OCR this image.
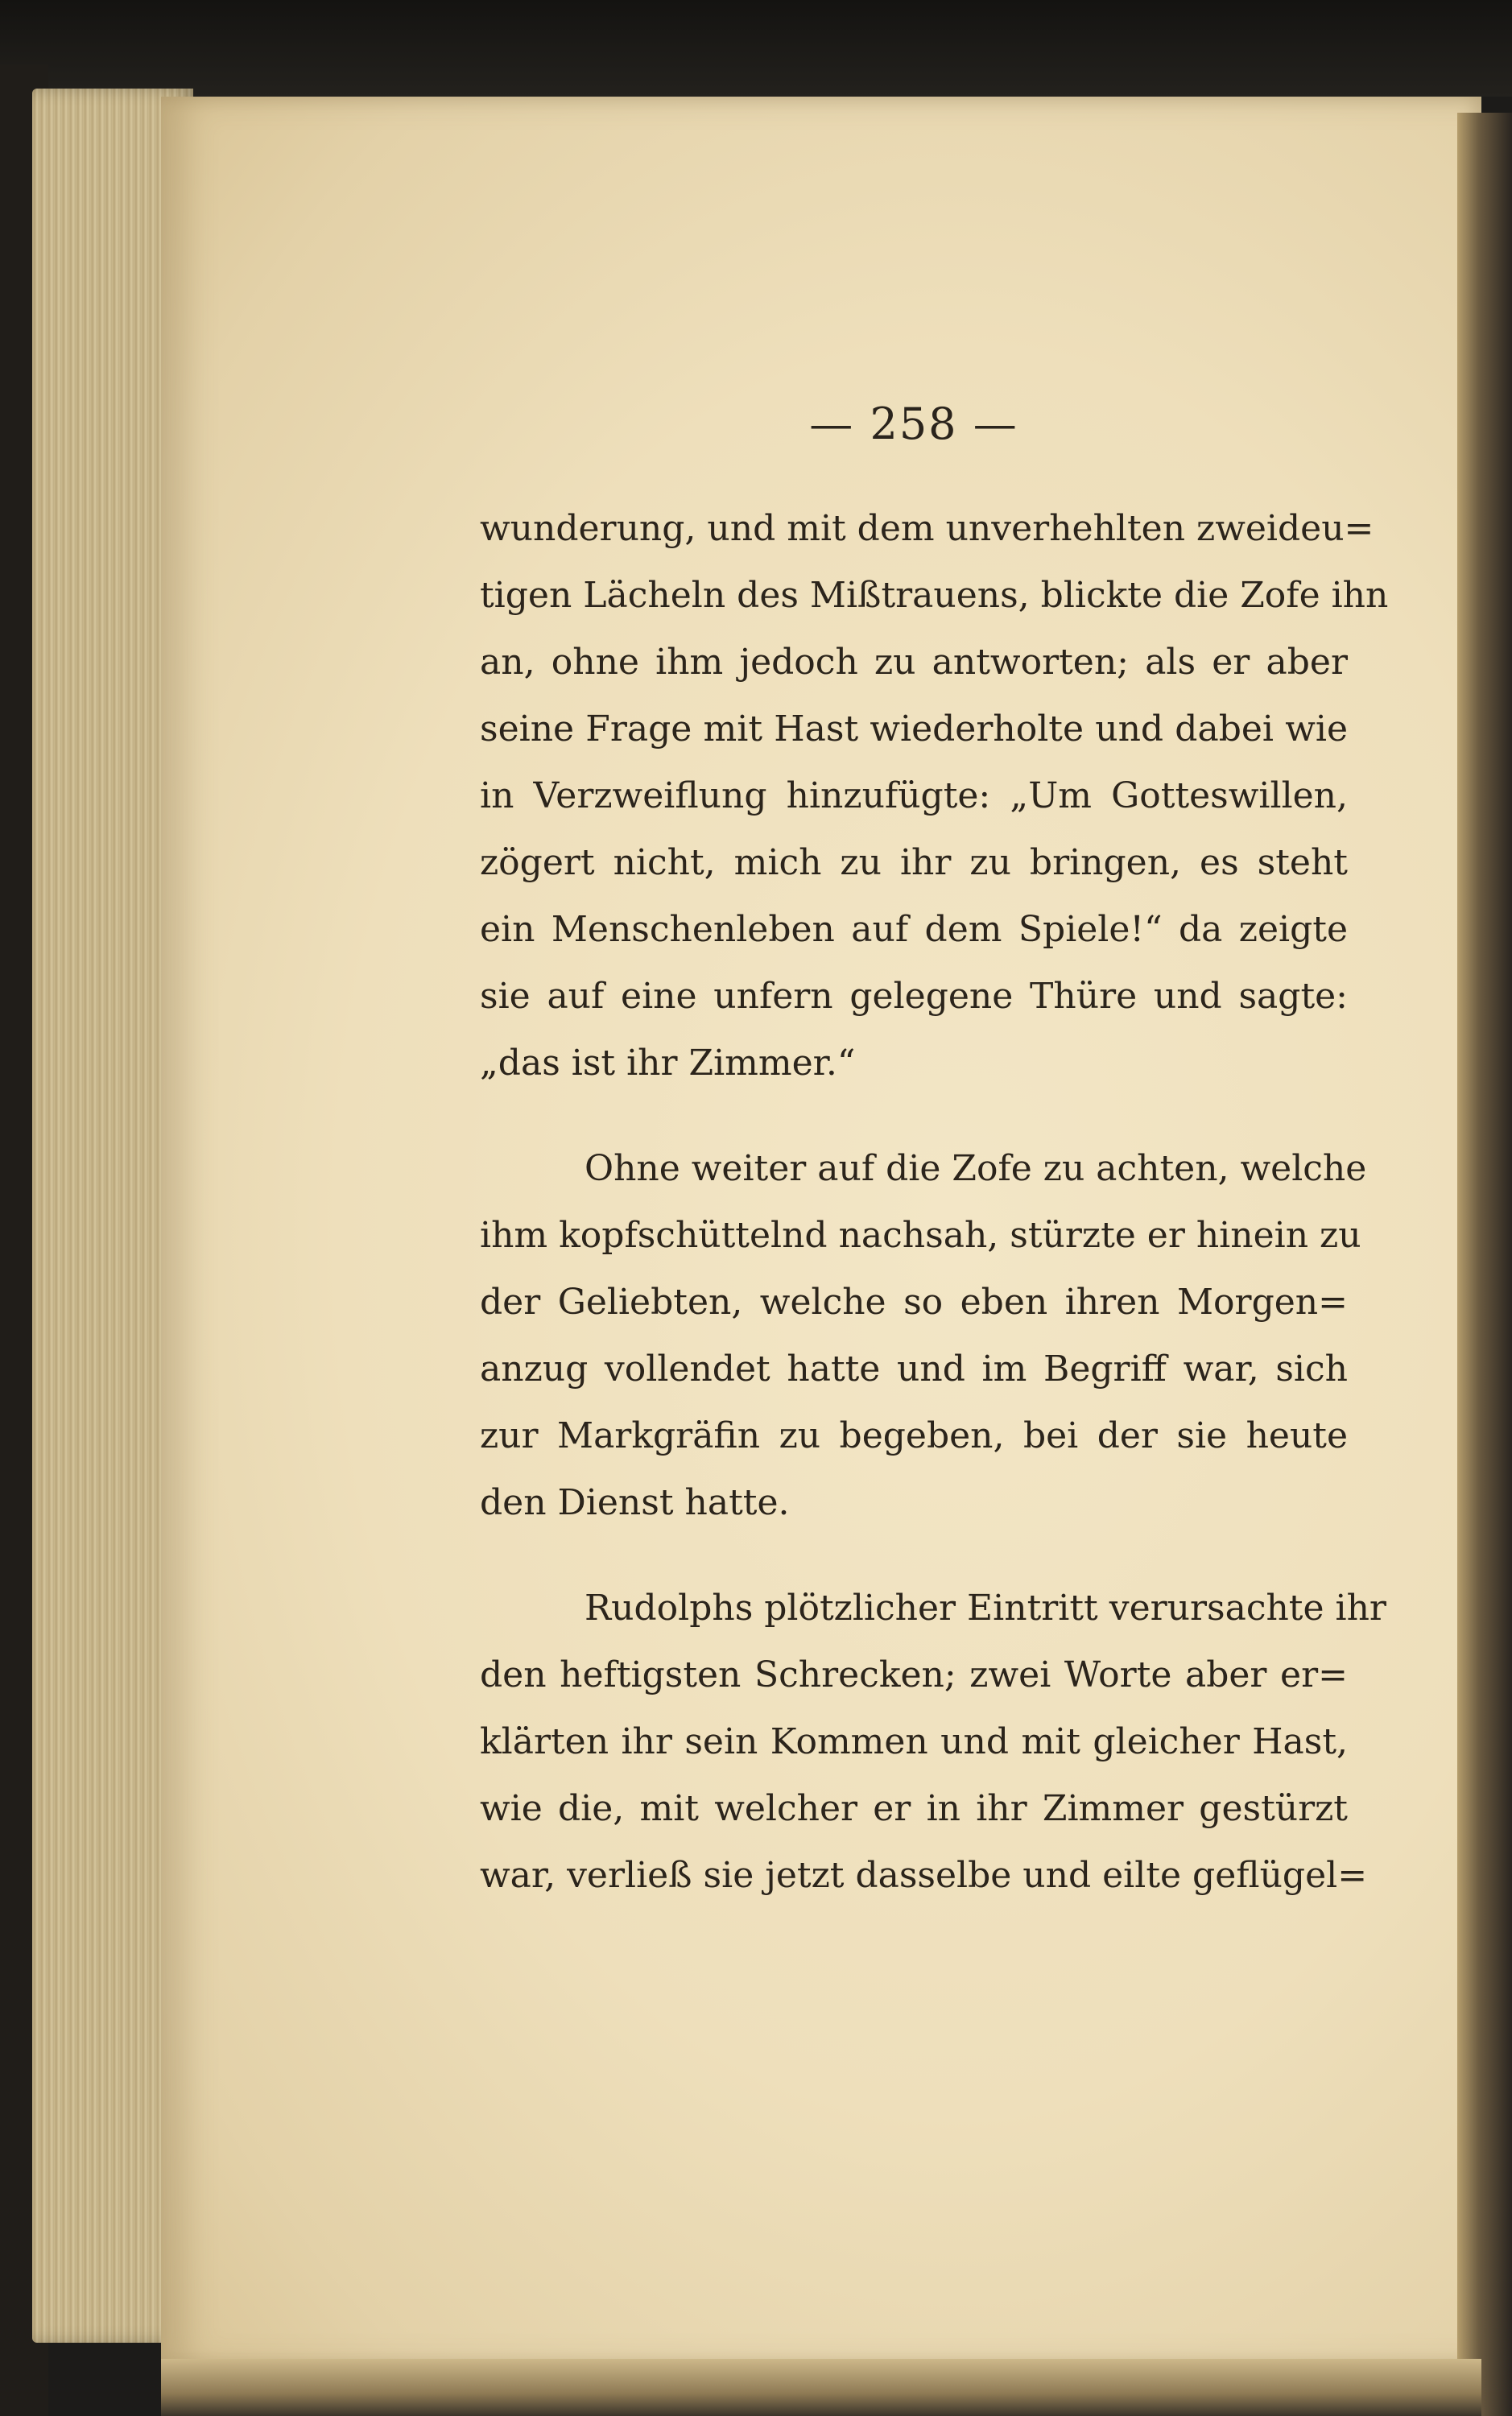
— 258 —
wunderung, und mit dem unverhehlten zweideu=
tigen Lächeln des Mißtrauens, blickte die Zofe ihn
an, ohne ihm jedoch zu antworten; als er aber
seine Frage mit Hast wiederholte und dabei wie
in Verzweiflung hinzufügte: „Um Gotteswillen,
zögert nicht, mich zu ihr zu bringen, es steht
ein Menschenleben auf dem Spiele!“ da zeigte
sie auf eine unfern gelegene Thüre und sagte:
„das ist ihr Zimmer.“
Ohne weiter auf die Zofe zu achten, welche
ihm kopfschüttelnd nachsah, stürzte er hinein zu
der Geliebten, welche so eben ihren Morgen=
anzug vollendet hatte und im Begriff war, sich
zur Markgräfin zu begeben, bei der sie heute
den Dienst hatte.
Rudolphs plötzlicher Eintritt verursachte ihr
den heftigsten Schrecken; zwei Worte aber er=
klärten ihr sein Kommen und mit gleicher Hast,
wie die, mit welcher er in ihr Zimmer gestürzt
war, verließ sie jetzt dasselbe und eilte geflügel=
